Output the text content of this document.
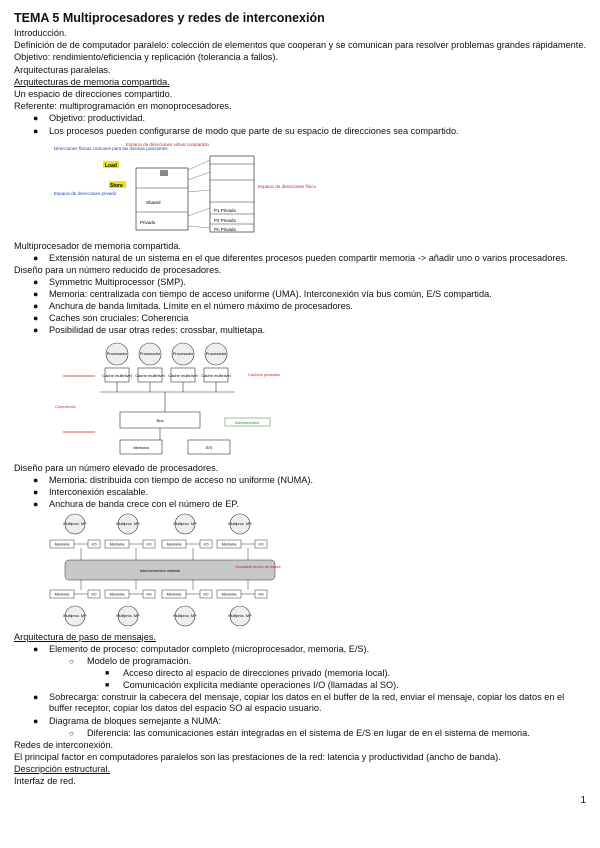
TEMA 5 Multiprocesadores y redes de interconexión
Introducción.
Definición de de computador paralelo: colección de elementos que cooperan y se comunican para resolver problemas grandes rápidamente.
Objetivo: rendimiento/eficiencia y replicación (tolerancia a fallos).
Arquitecturas paralelas.
Arquitecturas de memoria compartida.
Un espacio de direcciones compartido.
Referente: multiprogramación en monoprocesadores.
● Objetivo: productividad.
● Los procesos pueden configurarse de modo que parte de su espacio de direcciones sea compartido.
Direcciones físicas comunes para las mismas posiciones
Espacio de direcciones privado
Espacio de direcciones virtual compartido
Load
Store
Shared
Privado
P1 Privado
P2 Privado
Pn Privado
Espacio de direcciones físico
Multiprocesador de memoria compartida.
● Extensión natural de un sistema en el que diferentes procesos pueden compartir memoria -> añadir uno o varios procesadores.
Diseño para un número reducido de procesadores.
● Symmetric Multiprocessor (SMP).
● Memoria: centralizada con tiempo de acceso uniforme (UMA). Interconexión vía bus común, E/S compartida.
● Anchura de banda limitada. Límite en el número máximo de procesadores.
● Caches son cruciales: Coherencia
● Posibilidad de usar otras redes: crossbar, multietapa.
Procesador
Cache multinivel
Procesador
Cache multinivel
Procesador
Cache multinivel
Procesador
Cache multinivel
Bus
Memoria	E/S
Cache/s privada/s
Coherencia
Interconexión
Diseño para un número elevado de procesadores.
● Memoria: distribuida con tiempo de acceso no uniforme (NUMA).
● Interconexión escalable.
● Anchura de banda crece con el número de EP.
Multiproc. MP	Multiproc. MP	Multiproc. MP	Multiproc. MP
Memoria	I/O	Memoria	I/O	Memoria	I/O	Memoria	I/O
Interconnection network
Escalable Ancho de banda
Memoria	I/O	Memoria	I/O	Memoria	I/O	Memoria	I/O
Multiproc. MP	Multiproc. MP	Multiproc. MP	Multiproc. MP
Arquitectura de paso de mensajes.
● Elemento de proceso: computador completo (microprocesador, memoria, E/S).
○ Modelo de programación.
■ Acceso directo al espacio de direcciones privado (memoria local).
■ Comunicación explícita mediante operaciones I/O (llamadas al SO).
● Sobrecarga: construir la cabecera del mensaje, copiar los datos en el buffer de la red, enviar el mensaje, copiar los datos en el buffer receptor, copiar los datos del espacio SO al espacio usuario.
● Diagrama de bloques semejante a NUMA:
○ Diferencia: las comunicaciones están integradas en el sistema de E/S en lugar de en el sistema de memoria.
Redes de interconexión.
El principal factor en computadores paralelos son las prestaciones de la red: latencia y productividad (ancho de banda).
Descripción estructural.
Interfaz de red.
1
